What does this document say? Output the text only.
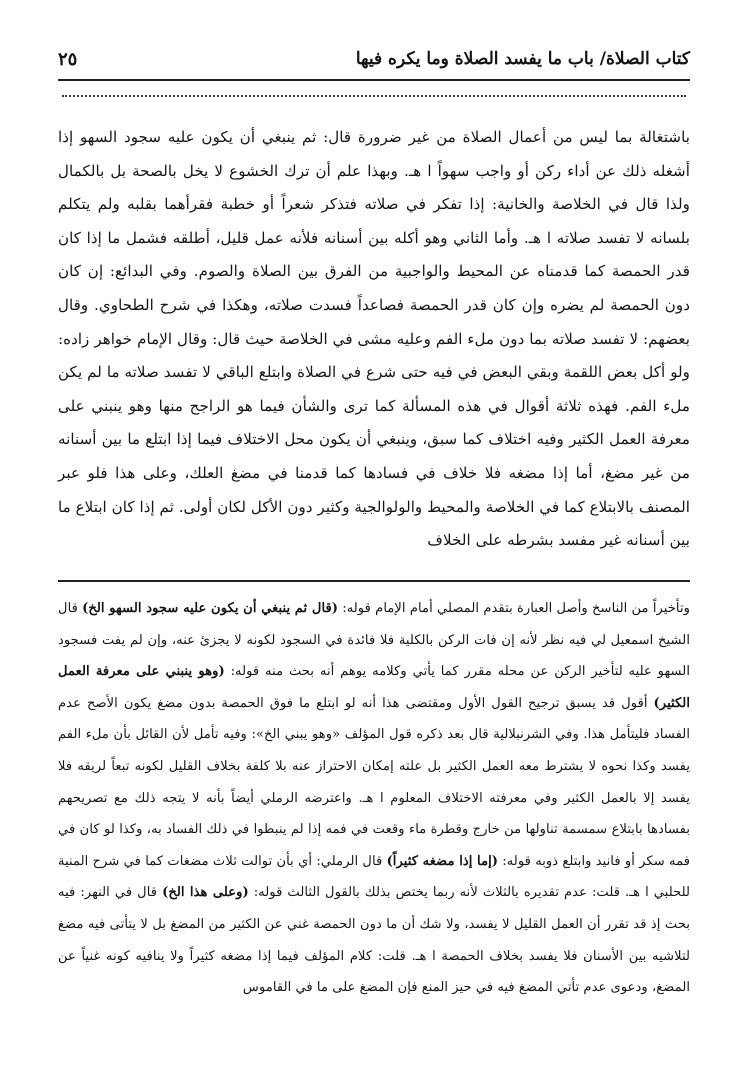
كتاب الصلاة/ باب ما يفسد الصلاة وما يكره فيها
٢٥

باشتغالة بما ليس من أعمال الصلاة من غير ضرورة قال: ثم ينبغي أن يكون عليه سجود السهو إذا أشغله ذلك عن أداء ركن أو واجب سهواً ا هـ. وبهذا علم أن ترك الخشوع لا يخل بالصحة بل بالكمال ولذا قال في الخلاصة والخانية: إذا تفكر في صلاته فتذكر شعراً أو خطبة فقرأهما بقلبه ولم يتكلم بلسانه لا تفسد صلاته ا هـ. وأما الثاني وهو أكله بين أسنانه فلأنه عمل قليل، أطلقه فشمل ما إذا كان قدر الحمصة كما قدمناه عن المحيط والواجبية من الفرق بين الصلاة والصوم. وفي البدائع: إن كان دون الحمصة لم يضره وإن كان قدر الحمصة فصاعداً فسدت صلاته، وهكذا في شرح الطحاوي. وقال بعضهم: لا تفسد صلاته بما دون ملء الفم وعليه مشى في الخلاصة حيث قال: وقال الإمام خواهر زاده: ولو أكل بعض اللقمة وبقي البعض في فيه حتى شرع في الصلاة وابتلع الباقي لا تفسد صلاته ما لم يكن ملء الفم. فهذه ثلاثة أقوال في هذه المسألة كما ترى والشأن فيما هو الراجح منها وهو ينبني على معرفة العمل الكثير وفيه اختلاف كما سبق، وينبغي أن يكون محل الاختلاف فيما إذا ابتلع ما بين أسنانه من غير مضغ، أما إذا مضغه فلا خلاف في فسادها كما قدمنا في مضغ العلك، وعلى هذا فلو عبر المصنف بالابتلاع كما في الخلاصة والمحيط والولوالجية وكثير دون الأكل لكان أولى. ثم إذا كان ابتلاع ما بين أسنانه غير مفسد بشرطه على الخلاف

وتأخيراً من الناسخ وأصل العبارة بتقدم المصلي أمام الإمام قوله: (قال ثم ينبغي أن يكون عليه سجود السهو الخ) قال الشيخ اسمعيل لي فيه نظر لأنه إن فات الركن بالكلية فلا فائدة في السجود لكونه لا يجزئ عنه، وإن لم يفت فسجود السهو عليه لتأخير الركن عن محله مقرر كما يأتي وكلامه يوهم أنه بحث منه قوله: (وهو ينبني على معرفة العمل الكثير) أقول قد يسبق ترجيح القول الأول ومقتضى هذا أنه لو ابتلع ما فوق الحمصة بدون مضغ يكون الأصح عدم الفساد فليتأمل هذا. وفي الشرنبلالية قال بعد ذكره قول المؤلف «وهو يبني الخ»: وفيه تأمل لأن القائل بأن ملء الفم يفسد وكذا نحوه لا يشترط معه العمل الكثير بل علته إمكان الاحتراز عنه بلا كلفة بخلاف القليل لكونه تبعاً لريقه فلا يفسد إلا بالعمل الكثير وفي معرفته الاختلاف المعلوم ا هـ. واعترضه الرملي أيضاً بأنه لا يتجه ذلك مع تصريحهم بفسادها بابتلاع سمسمة تناولها من خارج وقطرة ماء وقعت في فمه إذا لم ينبطوا في ذلك الفساد به، وكذا لو كان في فمه سكر أو فانيد وابتلع ذوبه قوله: (إما إذا مضغه كثيراً) قال الرملي: أي بأن توالت ثلاث مضغات كما في شرح المنية للحلبي ا هـ. قلت: عدم تقديره بالثلاث لأنه ربما يختص بذلك بالقول الثالث قوله: (وعلى هذا الخ) قال في النهر: فيه بحث إذ قد تقرر أن العمل القليل لا يفسد، ولا شك أن ما دون الحمصة غني عن الكثير من المضغ بل لا يتأتى فيه مضغ لتلاشيه بين الأسنان فلا يفسد بخلاف الحمصة ا هـ. قلت: كلام المؤلف فيما إذا مضغه كثيراً ولا ينافيه كونه غنياً عن المضغ، ودعوى عدم تأتي المضغ فيه في حيز المنع فإن المضغ على ما في القاموس
